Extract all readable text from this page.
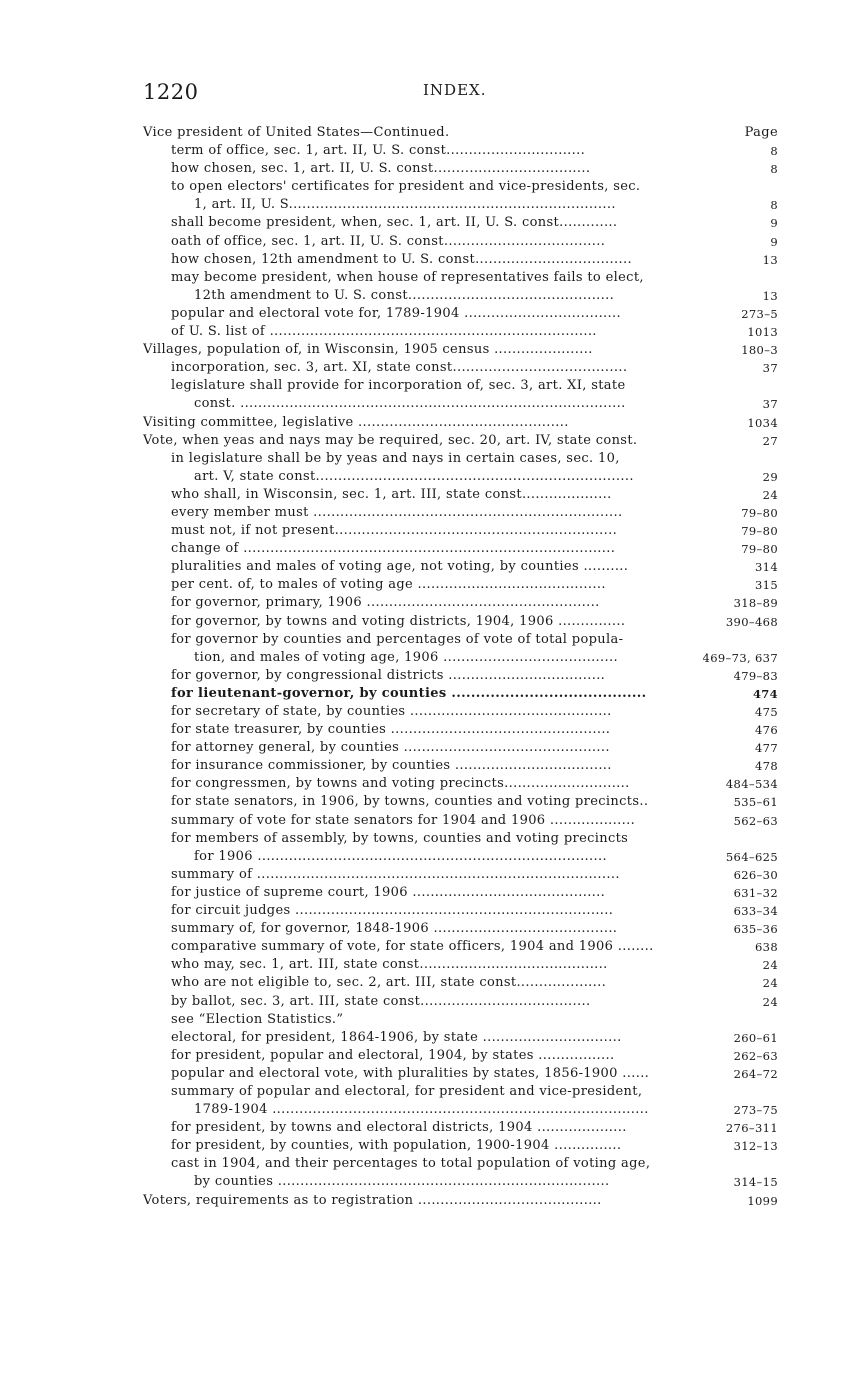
1220	INDEX.
Vice president of United States—Continued.	Page
term of office, sec. 1, art. II, U. S. const...............................	8
how chosen, sec. 1, art. II, U. S. const...................................	8
to open electors' certificates for president and vice-presidents, sec.
1, art. II, U. S.........................................................................	8
shall become president, when, sec. 1, art. II, U. S. const.............	9
oath of office, sec. 1, art. II, U. S. const....................................	9
how chosen, 12th amendment to U. S. const...................................	13
may become president, when house of representatives fails to elect,
12th amendment to U. S. const..............................................	13
popular and electoral vote for, 1789-1904 ...................................	273–5
of U. S. list of .........................................................................	1013
Villages, population of, in Wisconsin, 1905 census ......................	180–3
incorporation, sec. 3, art. XI, state const.......................................	37
legislature shall provide for incorporation of, sec. 3, art. XI, state
const. ......................................................................................	37
Visiting committee, legislative ...............................................	1034
Vote, when yeas and nays may be required, sec. 20, art. IV, state const.	27
in legislature shall be by yeas and nays in certain cases, sec. 10,
art. V, state const.......................................................................	29
who shall, in Wisconsin, sec. 1, art. III, state const....................	24
every member must .....................................................................	79–80
must not, if not present...............................................................	79–80
change of ...................................................................................	79–80
pluralities and males of voting age, not voting, by counties ..........	314
per cent. of, to males of voting age ..........................................	315
for governor, primary, 1906 ....................................................	318–89
for governor, by towns and voting districts, 1904, 1906 ...............	390–468
for governor by counties and percentages of vote of total popula-
tion, and males of voting age, 1906 .......................................	469–73, 637
for governor, by congressional districts ...................................	479–83
for lieutenant-governor, by counties ........................................	474
for secretary of state, by counties .............................................	475
for state treasurer, by counties .................................................	476
for attorney general, by counties ..............................................	477
for insurance commissioner, by counties ...................................	478
for congressmen, by towns and voting precincts............................	484–534
for state senators, in 1906, by towns, counties and voting precincts..	535–61
summary of vote for state senators for 1904 and 1906 ...................	562–63
for members of assembly, by towns, counties and voting precincts
for 1906 ..............................................................................	564–625
summary of .................................................................................	626–30
for justice of supreme court, 1906 ...........................................	631–32
for circuit judges .......................................................................	633–34
summary of, for governor, 1848-1906 .........................................	635–36
comparative summary of vote, for state officers, 1904 and 1906 ........	638
who may, sec. 1, art. III, state const..........................................	24
who are not eligible to, sec. 2, art. III, state const....................	24
by ballot, sec. 3, art. III, state const......................................	24
see “Election Statistics.”
electoral, for president, 1864-1906, by state ...............................	260–61
for president, popular and electoral, 1904, by states .................	262–63
popular and electoral vote, with pluralities by states, 1856-1900 ......	264–72
summary of popular and electoral, for president and vice-president,
1789-1904 ....................................................................................	273–75
for president, by towns and electoral districts, 1904 ....................	276–311
for president, by counties, with population, 1900-1904 ...............	312–13
cast in 1904, and their percentages to total population of voting age,
by counties ..........................................................................	314–15
Voters, requirements as to registration .........................................	1099
